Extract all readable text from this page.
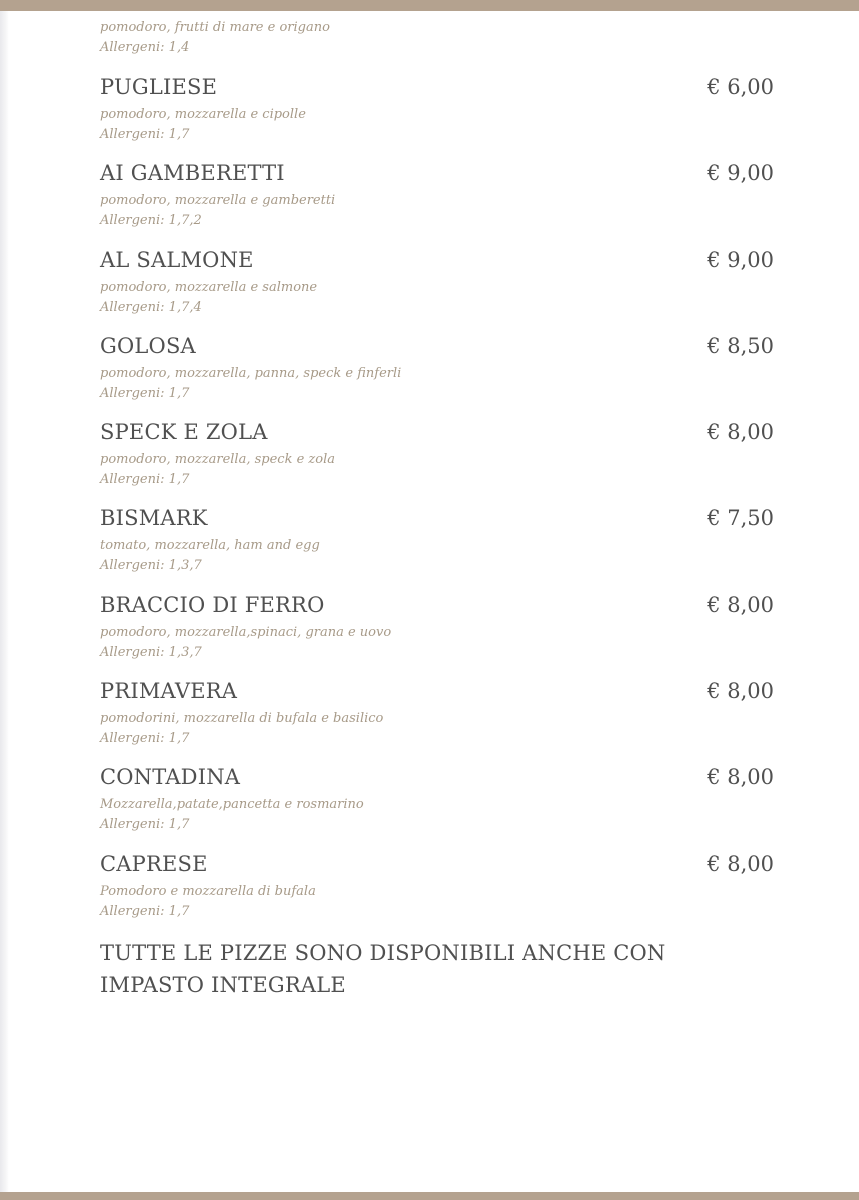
pomodoro, frutti di mare e origano
Allergeni: 1,4
PUGLIESE	€ 6,00
pomodoro, mozzarella e cipolle
Allergeni: 1,7
AI GAMBERETTI	€ 9,00
pomodoro, mozzarella e gamberetti
Allergeni: 1,7,2
AL SALMONE	€ 9,00
pomodoro, mozzarella e salmone
Allergeni: 1,7,4
GOLOSA	€ 8,50
pomodoro, mozzarella, panna, speck e finferli
Allergeni: 1,7
SPECK E ZOLA	€ 8,00
pomodoro, mozzarella, speck e zola
Allergeni: 1,7
BISMARK	€ 7,50
tomato, mozzarella, ham and egg
Allergeni: 1,3,7
BRACCIO DI FERRO	€ 8,00
pomodoro, mozzarella,spinaci, grana e uovo
Allergeni: 1,3,7
PRIMAVERA	€ 8,00
pomodorini, mozzarella di bufala e basilico
Allergeni: 1,7
CONTADINA	€ 8,00
Mozzarella,patate,pancetta e rosmarino
Allergeni: 1,7
CAPRESE	€ 8,00
Pomodoro e mozzarella di bufala
Allergeni: 1,7
TUTTE LE PIZZE SONO DISPONIBILI ANCHE CON IMPASTO INTEGRALE
